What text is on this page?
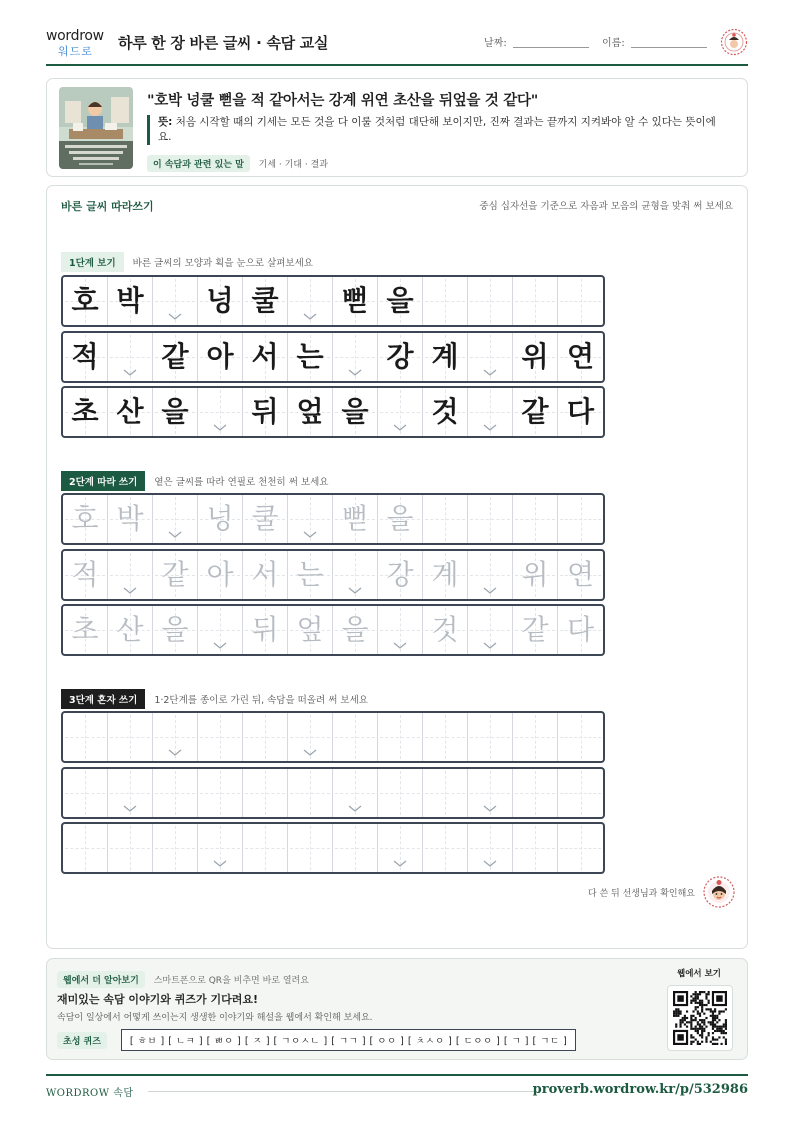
wordrow
워드로 하루 한 장 바른 글씨 · 속담 교실	날짜:	이름:
"호박 넝쿨 뻗을 적 같아서는 강계 위연 초산을 뒤엎을 것 같다"
뜻: 처음 시작할 때의 기세는 모든 것을 다 이룰 것처럼 대단해 보이지만, 진짜 결과는 끝까지 지켜봐야 알 수 있다는 뜻이에요.
이 속담과 관련 있는 말 기세 · 기대 · 결과
바른 글씨 따라쓰기	중심 십자선을 기준으로 자음과 모음의 균형을 맞춰 써 보세요
1단계 보기 바른 글씨의 모양과 획을 눈으로 살펴보세요
호 박 넝 쿨 뻗 을
적 같 아 서 는 강 계 위 연
초 산 을 뒤 엎 을 것 같 다
2단계 따라 쓰기 옅은 글씨를 따라 연필로 천천히 써 보세요
호 박 넝 쿨 뻗 을
적 같 아 서 는 강 계 위 연
초 산 을 뒤 엎 을 것 같 다
3단계 혼자 쓰기 1·2단계를 종이로 가린 뒤, 속담을 떠올려 써 보세요
다 쓴 뒤 선생님과 확인해요
웹에서 더 알아보기 스마트폰으로 QR을 비추면 바로 열려요
재미있는 속담 이야기와 퀴즈가 기다려요!
속담이 일상에서 어떻게 쓰이는지 생생한 이야기와 해설을 웹에서 확인해 보세요.
초성 퀴즈	[ ㅎㅂ ] [ ㄴㅋ ] [ ㅃㅇ ] [ ㅈ ] [ ㄱㅇㅅㄴ ] [ ㄱㄱ ] [ ㅇㅇ ] [ ㅊㅅㅇ ] [ ㄷㅇㅇ ] [ ㄱ ] [ ㄱㄷ ]
웹에서 보기
WORDROW 속담	proverb.wordrow.kr/p/532986
